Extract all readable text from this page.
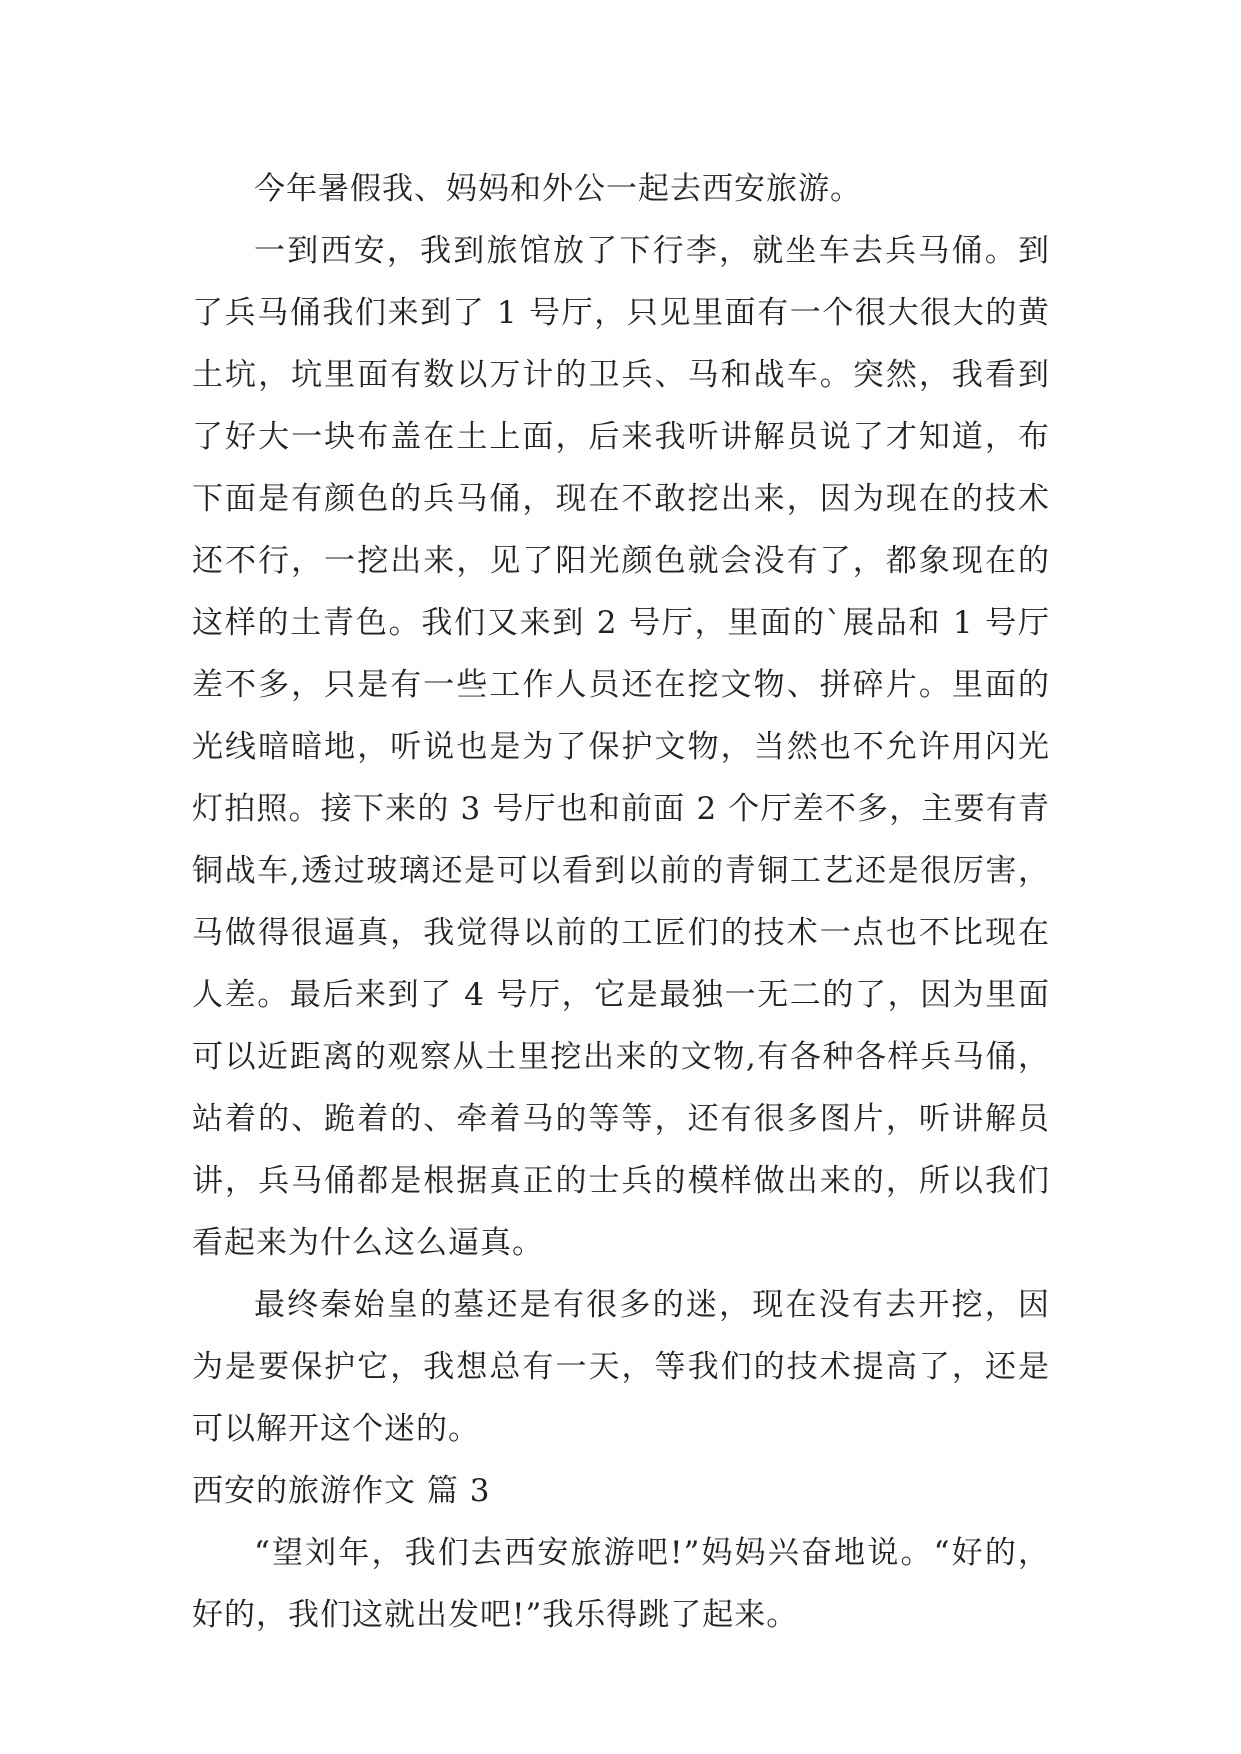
今年暑假我、妈妈和外公一起去西安旅游。

一到西安，我到旅馆放了下行李，就坐车去兵马俑。到了兵马俑我们来到了 1 号厅，只见里面有一个很大很大的黄土坑，坑里面有数以万计的卫兵、马和战车。突然，我看到了好大一块布盖在土上面，后来我听讲解员说了才知道，布下面是有颜色的兵马俑，现在不敢挖出来，因为现在的技术还不行，一挖出来，见了阳光颜色就会没有了，都象现在的这样的土青色。我们又来到 2 号厅，里面的`展品和 1 号厅差不多，只是有一些工作人员还在挖文物、拼碎片。里面的光线暗暗地，听说也是为了保护文物，当然也不允许用闪光灯拍照。接下来的 3 号厅也和前面 2 个厅差不多，主要有青铜战车,透过玻璃还是可以看到以前的青铜工艺还是很厉害，马做得很逼真，我觉得以前的工匠们的技术一点也不比现在人差。最后来到了 4 号厅，它是最独一无二的了，因为里面可以近距离的观察从土里挖出来的文物,有各种各样兵马俑，站着的、跪着的、牵着马的等等，还有很多图片，听讲解员讲，兵马俑都是根据真正的士兵的模样做出来的，所以我们看起来为什么这么逼真。

最终秦始皇的墓还是有很多的迷，现在没有去开挖，因为是要保护它，我想总有一天，等我们的技术提高了，还是可以解开这个迷的。

西安的旅游作文 篇 3

“望刘年，我们去西安旅游吧!”妈妈兴奋地说。“好的，好的，我们这就出发吧!”我乐得跳了起来。
